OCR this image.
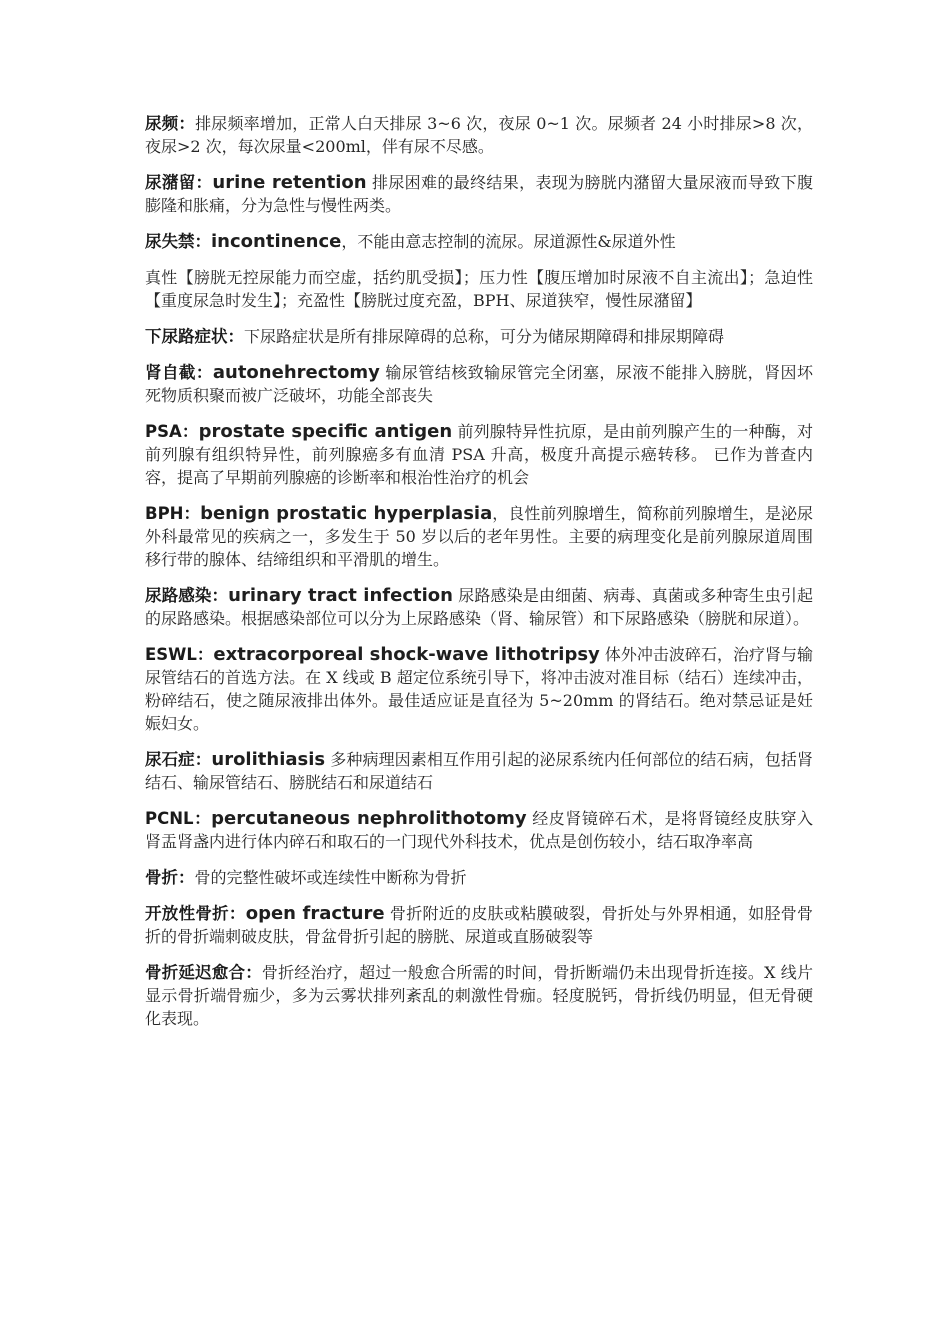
尿频：排尿频率增加，正常人白天排尿 3~6 次，夜尿 0~1 次。尿频者 24 小时排尿>8 次，夜尿>2 次，每次尿量<200ml，伴有尿不尽感。

尿潴留：urine retention 排尿困难的最终结果，表现为膀胱内潴留大量尿液而导致下腹膨隆和胀痛，分为急性与慢性两类。

尿失禁：incontinence，不能由意志控制的流尿。尿道源性&尿道外性

真性【膀胱无控尿能力而空虚，括约肌受损】；压力性【腹压增加时尿液不自主流出】；急迫性【重度尿急时发生】；充盈性【膀胱过度充盈，BPH、尿道狭窄，慢性尿潴留】

下尿路症状：下尿路症状是所有排尿障碍的总称，可分为储尿期障碍和排尿期障碍

肾自截：autonehrectomy 输尿管结核致输尿管完全闭塞，尿液不能排入膀胱，肾因坏死物质积聚而被广泛破坏，功能全部丧失

PSA：prostate specific antigen 前列腺特异性抗原，是由前列腺产生的一种酶，对前列腺有组织特异性，前列腺癌多有血清 PSA 升高，极度升高提示癌转移。 已作为普查内容，提高了早期前列腺癌的诊断率和根治性治疗的机会

BPH：benign prostatic hyperplasia，良性前列腺增生，简称前列腺增生，是泌尿外科最常见的疾病之一，多发生于 50 岁以后的老年男性。主要的病理变化是前列腺尿道周围移行带的腺体、结缔组织和平滑肌的增生。

尿路感染：urinary tract infection 尿路感染是由细菌、病毒、真菌或多种寄生虫引起的尿路感染。根据感染部位可以分为上尿路感染（肾、输尿管）和下尿路感染（膀胱和尿道）。

ESWL：extracorporeal shock-wave lithotripsy 体外冲击波碎石，治疗肾与输尿管结石的首选方法。在 X 线或 B 超定位系统引导下，将冲击波对准目标（结石）连续冲击，粉碎结石，使之随尿液排出体外。最佳适应证是直径为 5~20mm 的肾结石。绝对禁忌证是妊娠妇女。

尿石症：urolithiasis 多种病理因素相互作用引起的泌尿系统内任何部位的结石病，包括肾结石、输尿管结石、膀胱结石和尿道结石

PCNL：percutaneous nephrolithotomy 经皮肾镜碎石术，是将肾镜经皮肤穿入肾盂肾盏内进行体内碎石和取石的一门现代外科技术，优点是创伤较小，结石取净率高

骨折：骨的完整性破坏或连续性中断称为骨折

开放性骨折：open fracture 骨折附近的皮肤或粘膜破裂，骨折处与外界相通，如胫骨骨折的骨折端刺破皮肤，骨盆骨折引起的膀胱、尿道或直肠破裂等

骨折延迟愈合：骨折经治疗，超过一般愈合所需的时间，骨折断端仍未出现骨折连接。X 线片显示骨折端骨痂少，多为云雾状排列紊乱的刺激性骨痂。轻度脱钙，骨折线仍明显，但无骨硬化表现。
